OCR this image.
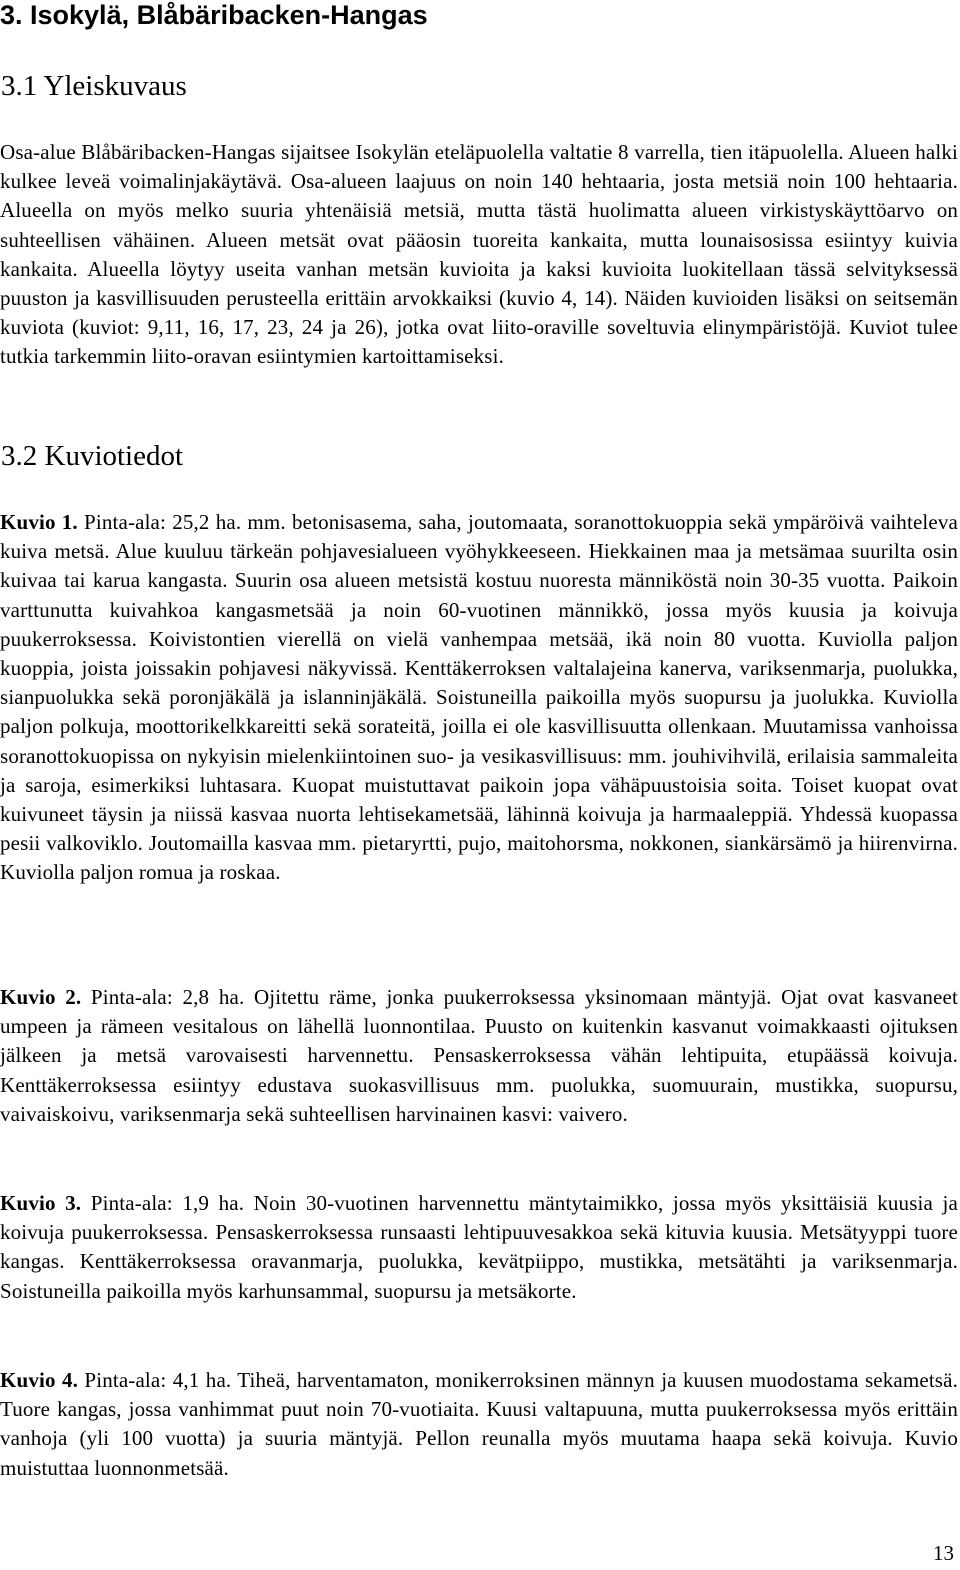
3. Isokylä, Blåbäribacken-Hangas
3.1 Yleiskuvaus

Osa-alue Blåbäribacken-Hangas sijaitsee Isokylän eteläpuolella valtatie 8 varrella, tien itäpuolella. Alueen halki kulkee leveä voimalinjakäytävä. Osa-alueen laajuus on noin 140 hehtaaria, josta metsiä noin 100 hehtaaria. Alueella on myös melko suuria yhtenäisiä metsiä, mutta tästä huolimatta alueen virkistyskäyttöarvo on suhteellisen vähäinen. Alueen metsät ovat pääosin tuoreita kankaita, mutta lounaisosissa esiintyy kuivia kankaita. Alueella löytyy useita vanhan metsän kuvioita ja kaksi kuvioita luokitellaan tässä selvityksessä puuston ja kasvillisuuden perusteella erittäin arvokkaiksi (kuvio 4, 14). Näiden kuvioiden lisäksi on seitsemän kuviota (kuviot: 9,11, 16, 17, 23, 24 ja 26), jotka ovat liito-oraville soveltuvia elinympäristöjä. Kuviot tulee tutkia tarkemmin liito-oravan esiintymien kartoittamiseksi.

3.2 Kuviotiedot

Kuvio 1. Pinta-ala: 25,2 ha. mm. betonisasema, saha, joutomaata, soranottokuoppia sekä ympäröivä vaihteleva kuiva metsä. Alue kuuluu tärkeän pohjavesialueen vyöhykkeeseen. Hiekkainen maa ja metsämaa suurilta osin kuivaa tai karua kangasta. Suurin osa alueen metsistä kostuu nuoresta männiköstä noin 30-35 vuotta. Paikoin varttunutta kuivahkoa kangasmetsää ja noin 60-vuotinen männikkö, jossa myös kuusia ja koivuja puukerroksessa. Koivistontien vierellä on vielä vanhempaa metsää, ikä noin 80 vuotta. Kuviolla paljon kuoppia, joista joissakin pohjavesi näkyvissä. Kenttäkerroksen valtalajeina kanerva, variksenmarja, puolukka, sianpuolukka sekä poronjäkälä ja islanninjäkälä. Soistuneilla paikoilla myös suopursu ja juolukka. Kuviolla paljon polkuja, moottorikelkkareitti sekä sorateitä, joilla ei ole kasvillisuutta ollenkaan. Muutamissa vanhoissa soranottokuopissa on nykyisin mielenkiintoinen suo- ja vesikasvillisuus: mm. jouhivihvilä, erilaisia sammaleita ja saroja, esimerkiksi luhtasara. Kuopat muistuttavat paikoin jopa vähäpuustoisia soita. Toiset kuopat ovat kuivuneet täysin ja niissä kasvaa nuorta lehtisekametsää, lähinnä koivuja ja harmaaleppiä. Yhdessä kuopassa pesii valkoviklo. Joutomailla kasvaa mm. pietaryrtti, pujo, maitohorsma, nokkonen, siankärsämö ja hiirenvirna. Kuviolla paljon romua ja roskaa.

Kuvio 2. Pinta-ala: 2,8 ha. Ojitettu räme, jonka puukerroksessa yksinomaan mäntyjä. Ojat ovat kasvaneet umpeen ja rämeen vesitalous on lähellä luonnontilaa. Puusto on kuitenkin kasvanut voimakkaasti ojituksen jälkeen ja metsä varovaisesti harvennettu. Pensaskerroksessa vähän lehtipuita, etupäässä koivuja. Kenttäkerroksessa esiintyy edustava suokasvillisuus mm. puolukka, suomuurain, mustikka, suopursu, vaivaiskoivu, variksenmarja sekä suhteellisen harvinainen kasvi: vaivero.

Kuvio 3. Pinta-ala: 1,9 ha. Noin 30-vuotinen harvennettu mäntytaimikko, jossa myös yksittäisiä kuusia ja koivuja puukerroksessa. Pensaskerroksessa runsaasti lehtipuuvesakkoa sekä kituvia kuusia. Metsätyyppi tuore kangas. Kenttäkerroksessa oravanmarja, puolukka, kevätpiippo, mustikka, metsätähti ja variksenmarja. Soistuneilla paikoilla myös karhunsammal, suopursu ja metsäkorte.

Kuvio 4. Pinta-ala: 4,1 ha. Tiheä, harventamaton, monikerroksinen männyn ja kuusen muodostama sekametsä. Tuore kangas, jossa vanhimmat puut noin 70-vuotiaita. Kuusi valtapuuna, mutta puukerroksessa myös erittäin vanhoja (yli 100 vuotta) ja suuria mäntyjä. Pellon reunalla myös muutama haapa sekä koivuja. Kuvio muistuttaa luonnonmetsää.

13
